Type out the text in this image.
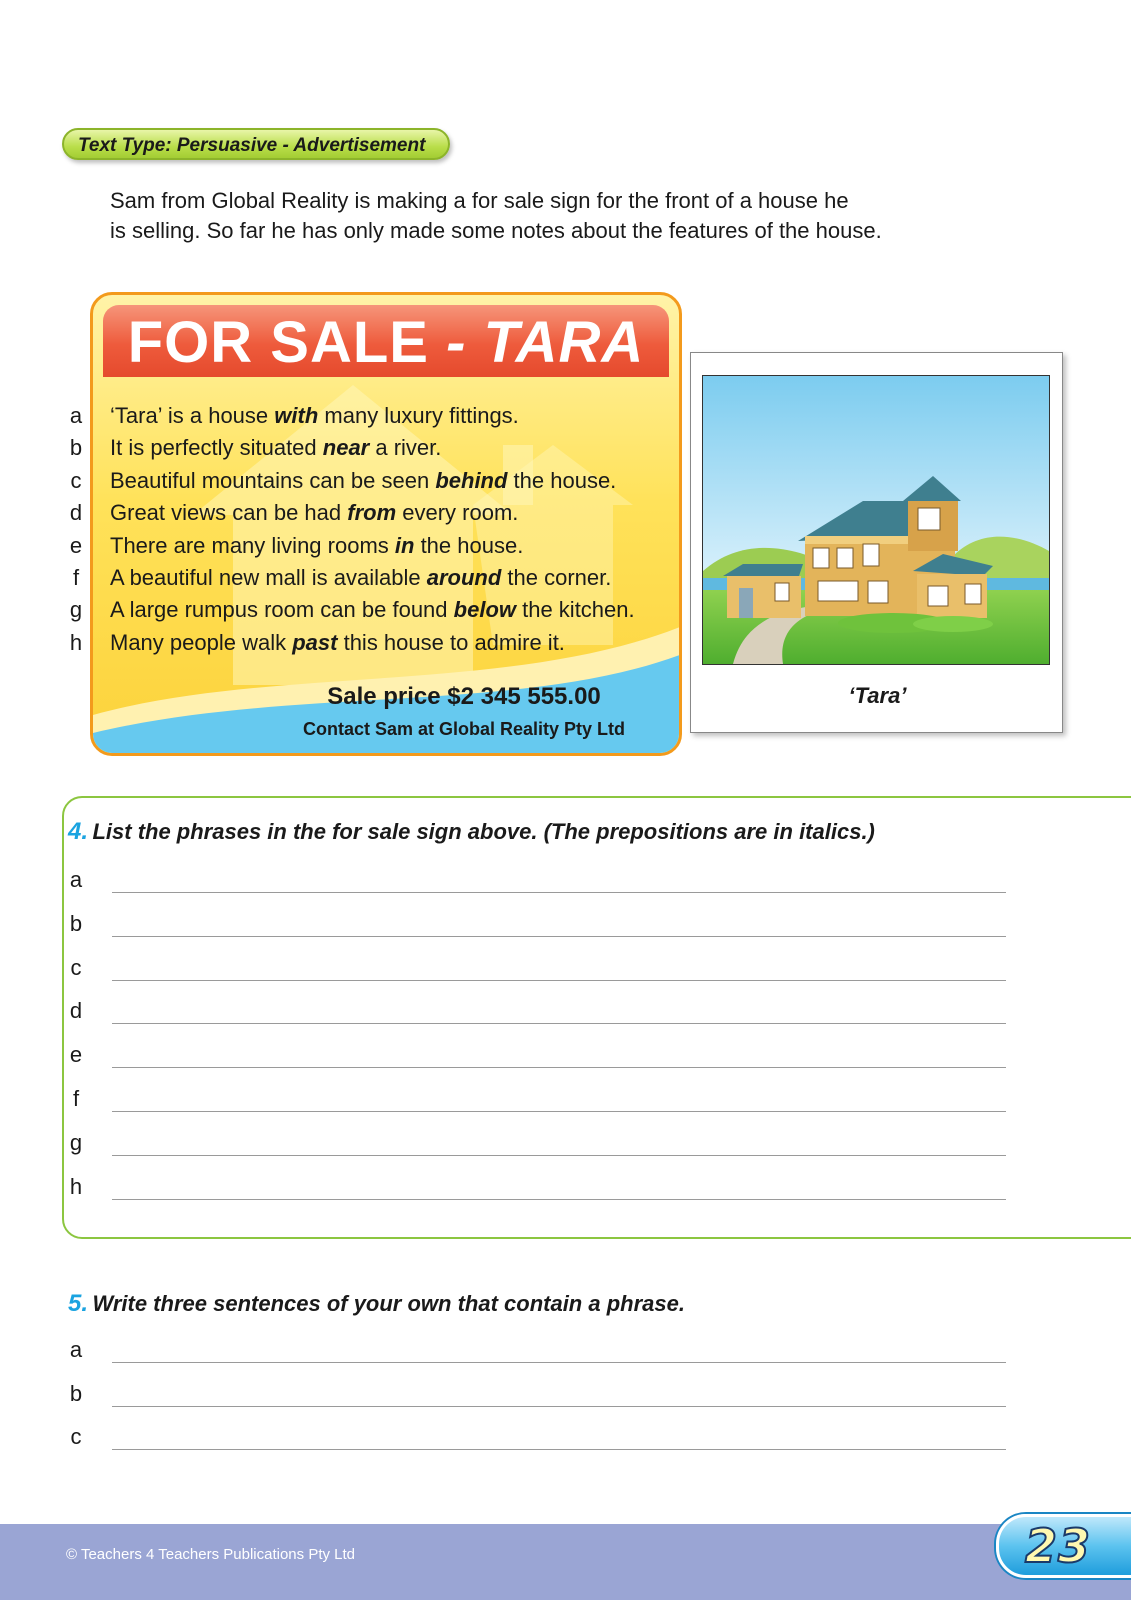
Text Type: Persuasive - Advertisement
Sam from Global Reality is making a for sale sign for the front of a house he
is selling. So far he has only made some notes about the features of the house.
FOR SALE - TARA
Sale price $2 345 555.00
Contact Sam at Global Reality Pty Ltd
a ‘Tara’ is a house with many luxury fittings.
b It is perfectly situated near a river.
c Beautiful mountains can be seen behind the house.
d Great views can be had from every room.
e There are many living rooms in the house.
f	A beautiful new mall is available around the corner.
g A large rumpus room can be found below the kitchen.
h Many people walk past this house to admire it.
‘Tara’
4. List the phrases in the for sale sign above. (The prepositions are in italics.)
a
b
c
d
e
f
g
h
5. Write three sentences of your own that contain a phrase.
a
b
c
© Teachers 4 Teachers Publications Pty Ltd	23
